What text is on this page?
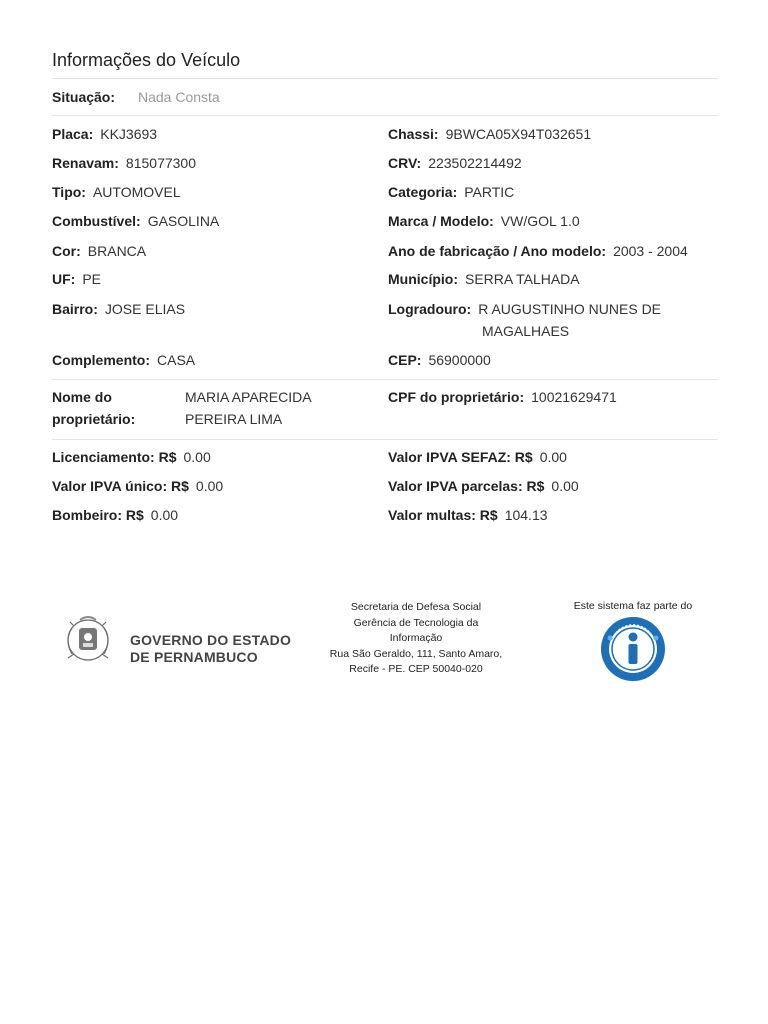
Informações do Veículo
Situação: Nada Consta
Placa: KKJ3693
Renavam: 815077300
Tipo: AUTOMOVEL
Combustível: GASOLINA
Cor: BRANCA
UF: PE
Bairro: JOSE ELIAS
Complemento: CASA
Chassi: 9BWCA05X94T032651
CRV: 223502214492
Categoria: PARTIC
Marca / Modelo: VW/GOL 1.0
Ano de fabricação / Ano modelo: 2003 - 2004
Município: SERRA TALHADA
Logradouro: R AUGUSTINHO NUNES DE
MAGALHAES
CEP: 56900000
Nome do
proprietário:
MARIA APARECIDA
PEREIRA LIMA
CPF do proprietário: 10021629471
Licenciamento: R$ 0.00
Valor IPVA único: R$ 0.00
Bombeiro: R$ 0.00
Valor IPVA SEFAZ: R$ 0.00
Valor IPVA parcelas: R$ 0.00
Valor multas: R$ 104.13
GOVERNO DO ESTADO
DE PERNAMBUCO
Secretaria de Defesa Social
Gerência de Tecnologia da
Informação
Rua São Geraldo, 111, Santo Amaro,
Recife - PE. CEP 50040-020
Este sistema faz parte do
